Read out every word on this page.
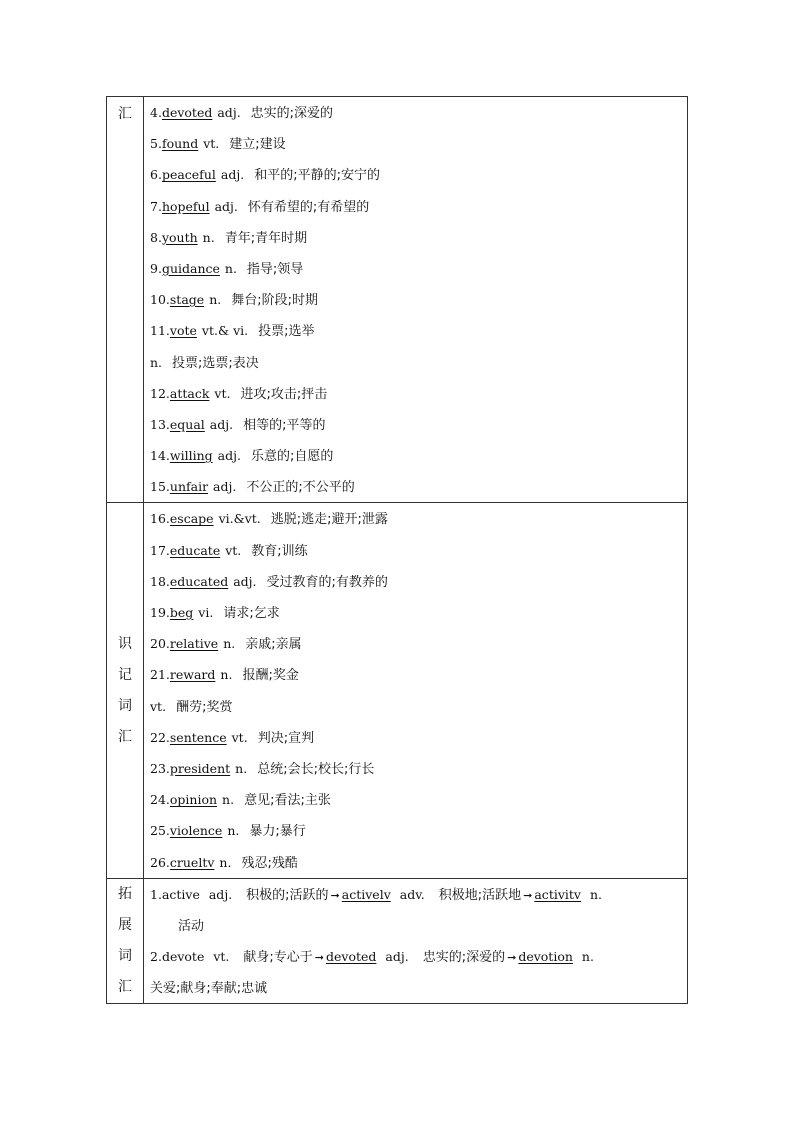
汇 4.devoted adj. 忠实的;深爱的
5.found vt. 建立;建设
6.peaceful adj. 和平的;平静的;安宁的
7.hopeful adj. 怀有希望的;有希望的
8.youth n. 青年;青年时期
9.guidance n. 指导;领导
10.stage n. 舞台;阶段;时期
11.vote vt.& vi. 投票;选举
n. 投票;选票;表决
12.attack vt. 进攻;攻击;抨击
13.equal adj. 相等的;平等的
14.willing adj. 乐意的;自愿的
15.unfair adj. 不公正的;不公平的
识
记
词
汇
16.escape vi.&vt. 逃脱;逃走;避开;泄露
17.educate vt. 教育;训练
18.educated adj. 受过教育的;有教养的
19.beg vi. 请求;乞求
20.relative n. 亲戚;亲属
21.reward n. 报酬;奖金
vt. 酬劳;奖赏
22.sentence vt. 判决;宣判
23.president n. 总统;会长;校长;行长
24.opinion n. 意见;看法;主张
25.violence n. 暴力;暴行
26.crueltv n. 残忍;残酷
拓
展
词
汇
1.active adj. 积极的;活跃的 ➞ activelv adv. 积极地;活跃地 ➞ activitv n.
活动
2.devote vt. 献身;专心于 ➞ devoted adj. 忠实的;深爱的 ➞ devotion n.
关爱;献身;奉献;忠诚
